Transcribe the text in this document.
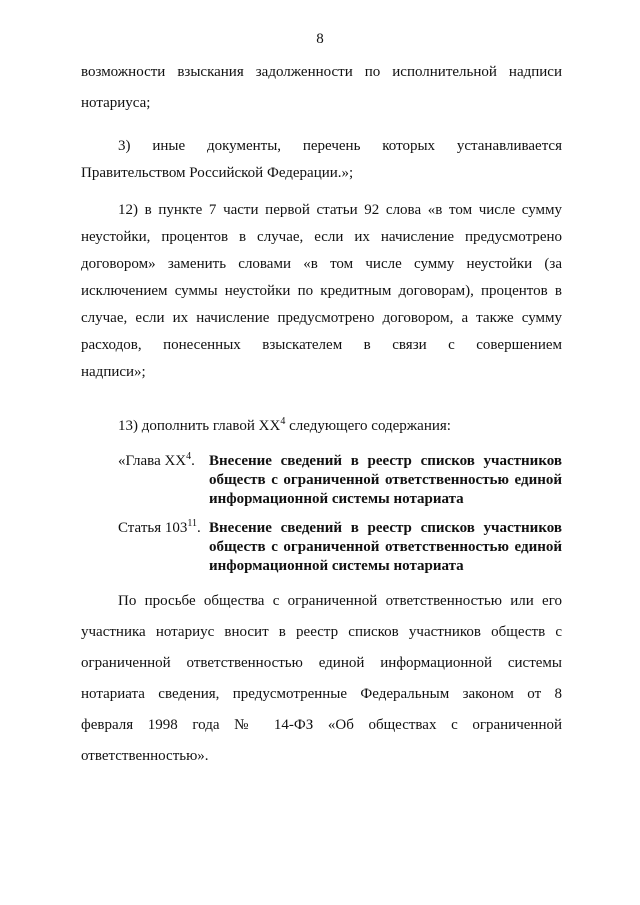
8
возможности взыскания задолженности по исполнительной надписи
нотариуса;
3) иные документы, перечень которых устанавливается
Правительством Российской Федерации.»;
12) в пункте 7 части первой статьи 92 слова «в том числе сумму
неустойки, процентов в случае, если их начисление предусмотрено
договором» заменить словами «в том числе сумму неустойки (за
исключением суммы неустойки по кредитным договорам), процентов в
случае, если их начисление предусмотрено договором, а также сумму
расходов, понесенных взыскателем в связи с совершением
надписи»;
13) дополнить главой $XX^4$ следующего содержания:
«Глава $XX^4$. Внесение сведений в реестр списков участников
обществ с ограниченной ответственностью единой
информационной системы нотариата
Статья $103^{11}$. Внесение сведений в реестр списков участников
обществ с ограниченной ответственностью единой
информационной системы нотариата
По просьбе общества с ограниченной ответственностью или его
участника нотариус вносит в реестр списков участников обществ с
ограниченной ответственностью единой информационной системы
нотариата сведения, предусмотренные Федеральным законом от 8
февраля 1998 года № 14-ФЗ «Об обществах с ограниченной
ответственностью».
